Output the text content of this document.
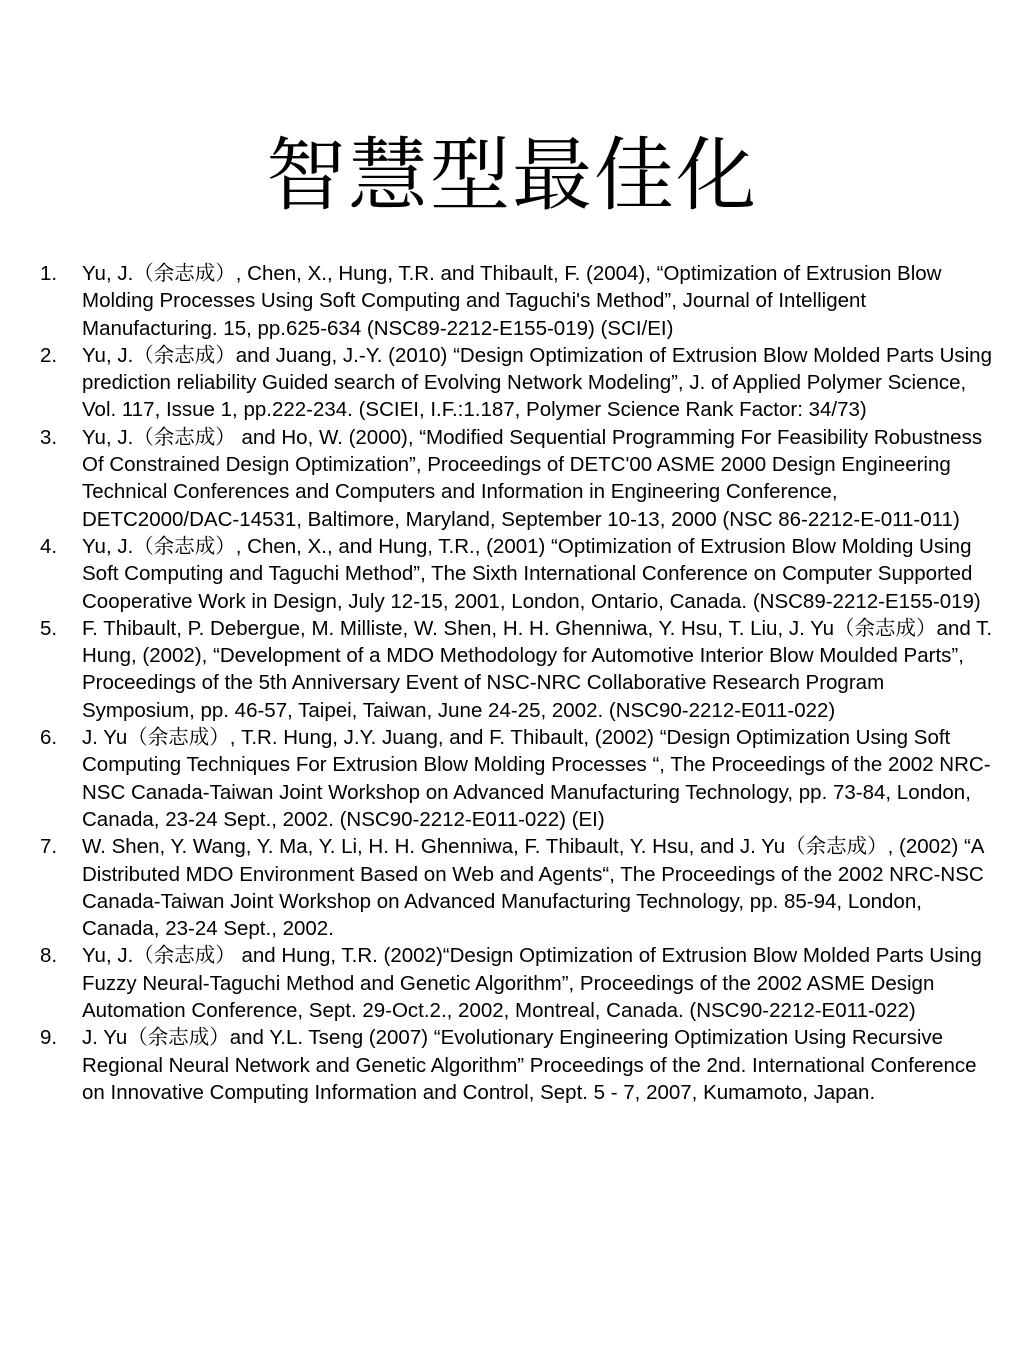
智慧型最佳化
1.	Yu, J.（余志成）, Chen, X., Hung, T.R. and Thibault, F. (2004), “Optimization of Extrusion Blow Molding Processes Using Soft Computing and Taguchi's Method”, Journal of Intelligent Manufacturing. 15, pp.625-634 (NSC89-2212-E155-019) (SCI/EI)
2.	Yu, J.（余志成）and Juang, J.-Y. (2010) “Design Optimization of Extrusion Blow Molded Parts Using prediction reliability Guided search of Evolving Network Modeling”, J. of Applied Polymer Science, Vol. 117, Issue 1, pp.222-234. (SCIEI, I.F.:1.187, Polymer Science Rank Factor: 34/73)
3.	Yu, J.（余志成） and Ho, W. (2000), “Modified Sequential Programming For Feasibility Robustness Of Constrained Design Optimization”, Proceedings of DETC'00 ASME 2000 Design Engineering Technical Conferences and Computers and Information in Engineering Conference, DETC2000/DAC-14531, Baltimore, Maryland, September 10-13, 2000 (NSC 86-2212-E-011-011)
4.	Yu, J.（余志成）, Chen, X., and Hung, T.R., (2001) “Optimization of Extrusion Blow Molding Using Soft Computing and Taguchi Method”, The Sixth International Conference on Computer Supported Cooperative Work in Design, July 12-15, 2001, London, Ontario, Canada. (NSC89-2212-E155-019)
5.	F. Thibault, P. Debergue, M. Milliste, W. Shen, H. H. Ghenniwa, Y. Hsu, T. Liu, J. Yu（余志成）and T. Hung, (2002), “Development of a MDO Methodology for Automotive Interior Blow Moulded Parts”, Proceedings of the 5th Anniversary Event of NSC-NRC Collaborative Research Program Symposium, pp. 46-57, Taipei, Taiwan, June 24-25, 2002. (NSC90-2212-E011-022)
6.	J. Yu（余志成）, T.R. Hung, J.Y. Juang, and F. Thibault, (2002) “Design Optimization Using Soft Computing Techniques For Extrusion Blow Molding Processes “, The Proceedings of the 2002 NRC-NSC Canada-Taiwan Joint Workshop on Advanced Manufacturing Technology, pp. 73-84, London, Canada, 23-24 Sept., 2002. (NSC90-2212-E011-022) (EI)
7.	W. Shen, Y. Wang, Y. Ma, Y. Li, H. H. Ghenniwa, F. Thibault, Y. Hsu, and J. Yu（余志成）, (2002) “A Distributed MDO Environment Based on Web and Agents“, The Proceedings of the 2002 NRC-NSC Canada-Taiwan Joint Workshop on Advanced Manufacturing Technology, pp. 85-94, London, Canada, 23-24 Sept., 2002.
8.	Yu, J.（余志成） and Hung, T.R. (2002)“Design Optimization of Extrusion Blow Molded Parts Using Fuzzy Neural-Taguchi Method and Genetic Algorithm”, Proceedings of the 2002 ASME Design Automation Conference, Sept. 29-Oct.2., 2002, Montreal, Canada. (NSC90-2212-E011-022)
9.	J. Yu（余志成）and Y.L. Tseng (2007) “Evolutionary Engineering Optimization Using Recursive Regional Neural Network and Genetic Algorithm” Proceedings of the 2nd. International Conference on Innovative Computing Information and Control, Sept. 5 - 7, 2007, Kumamoto, Japan.
